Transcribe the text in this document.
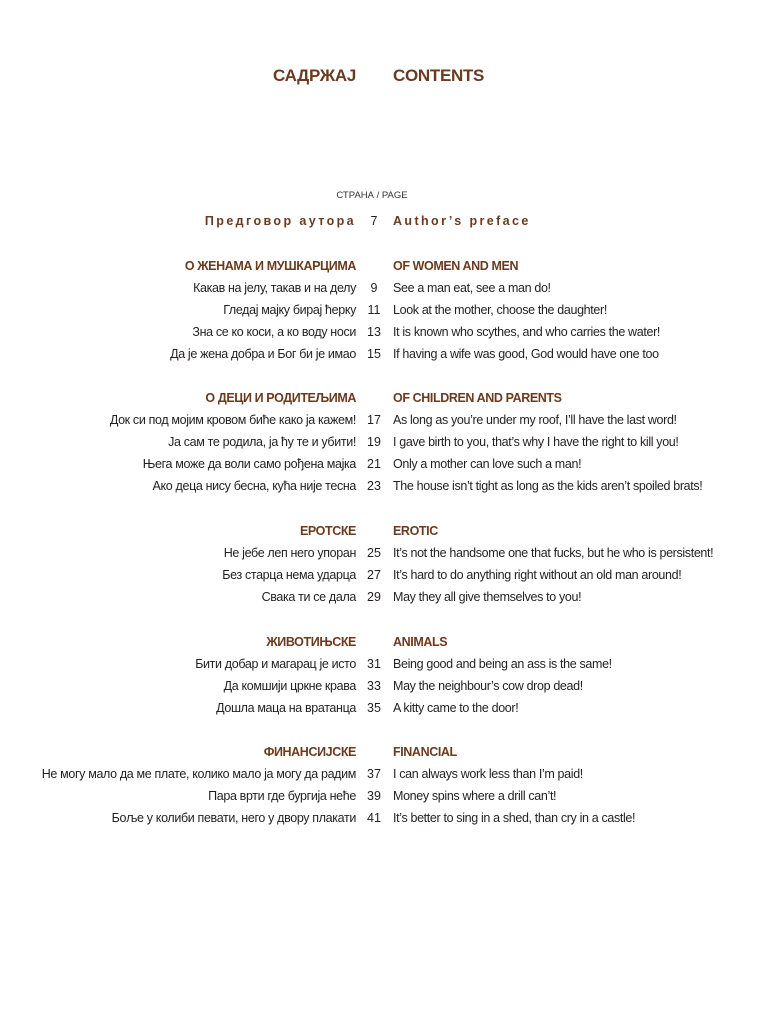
САДРЖАЈ CONTENTS
СТРАНА / PAGE
Предговор аутора	7	Author’s preface
О ЖЕНАМА И МУШКАРЦИМА	OF WOMEN AND MEN
Какав на јелу, такав и на делу	9	See a man eat, see a man do!
Гледај мајку бирај ћерку 11	Look at the mother, choose the daughter!
Зна се ко коси, а ко воду носи 13 It is known who scythes, and who carries the water!
Да је жена добра и Бог би је имао 15 If having a wife was good, God would have one too
О ДЕЦИ И РОДИТЕЉИМА	OF CHILDREN AND PARENTS
Док си под мојим кровом биће како ја кажем! 17 As long as you’re under my roof, I’ll have the last word!
Ја сам те родила, ја ћу те и убити! 19 I gave birth to you, that’s why I have the right to kill you!
Њега може да воли само рођена мајка 21 Only a mother can love such a man!
Ако деца нису бесна, кућа није тесна 23 The house isn’t tight as long as the kids aren’t spoiled brats!
ЕРОТСКЕ	EROTIC
Не јебе леп него упоран 25 It’s not the handsome one that fucks, but he who is persistent!
Без старца нема ударца 27 It’s hard to do anything right without an old man around!
Свака ти се дала 29 May they all give themselves to you!
ЖИВОТИЊСКЕ	ANIMALS
Бити добар и магарац је исто 31 Being good and being an ass is the same!
Да комшији цркне крава 33 May the neighbour’s cow drop dead!
Дошла маца на вратанца 35 A kitty came to the door!
ФИНАНСИЈСКЕ	FINANCIAL
Не могу мало да ме плате, колико мало ја могу да радим 37 I can always work less than I’m paid!
Пара врти где бургија неће 39 Money spins where a drill can’t!
Боље у колиби певати, него у двору плакати 41 It’s better to sing in a shed, than cry in a castle!
